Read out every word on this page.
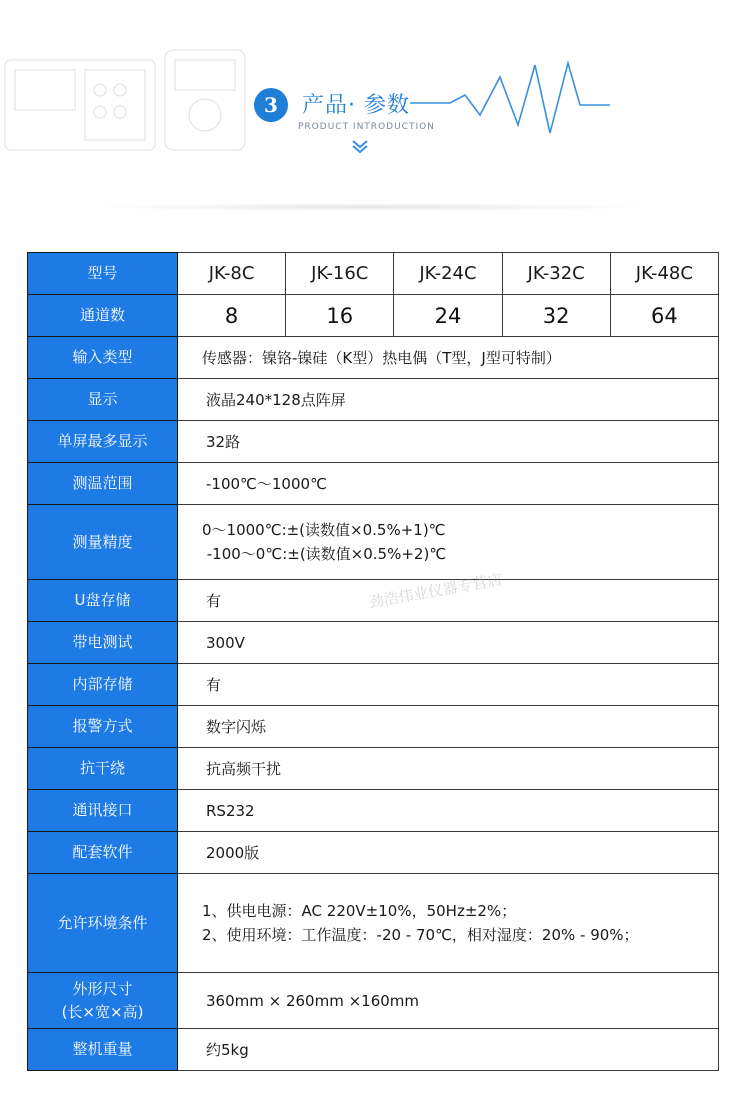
3	产品· 参数
PRODUCT INTRODUCTION
型号	JK-8C	JK-16C	JK-24C	JK-32C	JK-48C
通道数	8	16	24	32	64
输入类型	传感器：镍铬-镍硅（K型）热电偶（T型，J型可特制）				
显示	液晶240*128点阵屏				
单屏最多显示	32路				
测温范围	-100℃～1000℃				
测量精度	0～1000℃:±(读数值×0.5%+1)℃
-100～0℃:±(读数值×0.5%+2)℃				

U盘存储	有				
带电测试	300V				
内部存储	有				
报警方式	数字闪烁				
抗干绕	抗高频干扰				
通讯接口	RS232				
配套软件	2000版				
允许环境条件	1、供电电源：AC 220V±10%，50Hz±2%；
2、使用环境：工作温度：-20 - 70℃，相对湿度：20% - 90%；				

外形尺寸
(长×宽×高)	360mm × 260mm ×160mm				
整机重量	约5kg				
劲浩伟业仪器专营店
